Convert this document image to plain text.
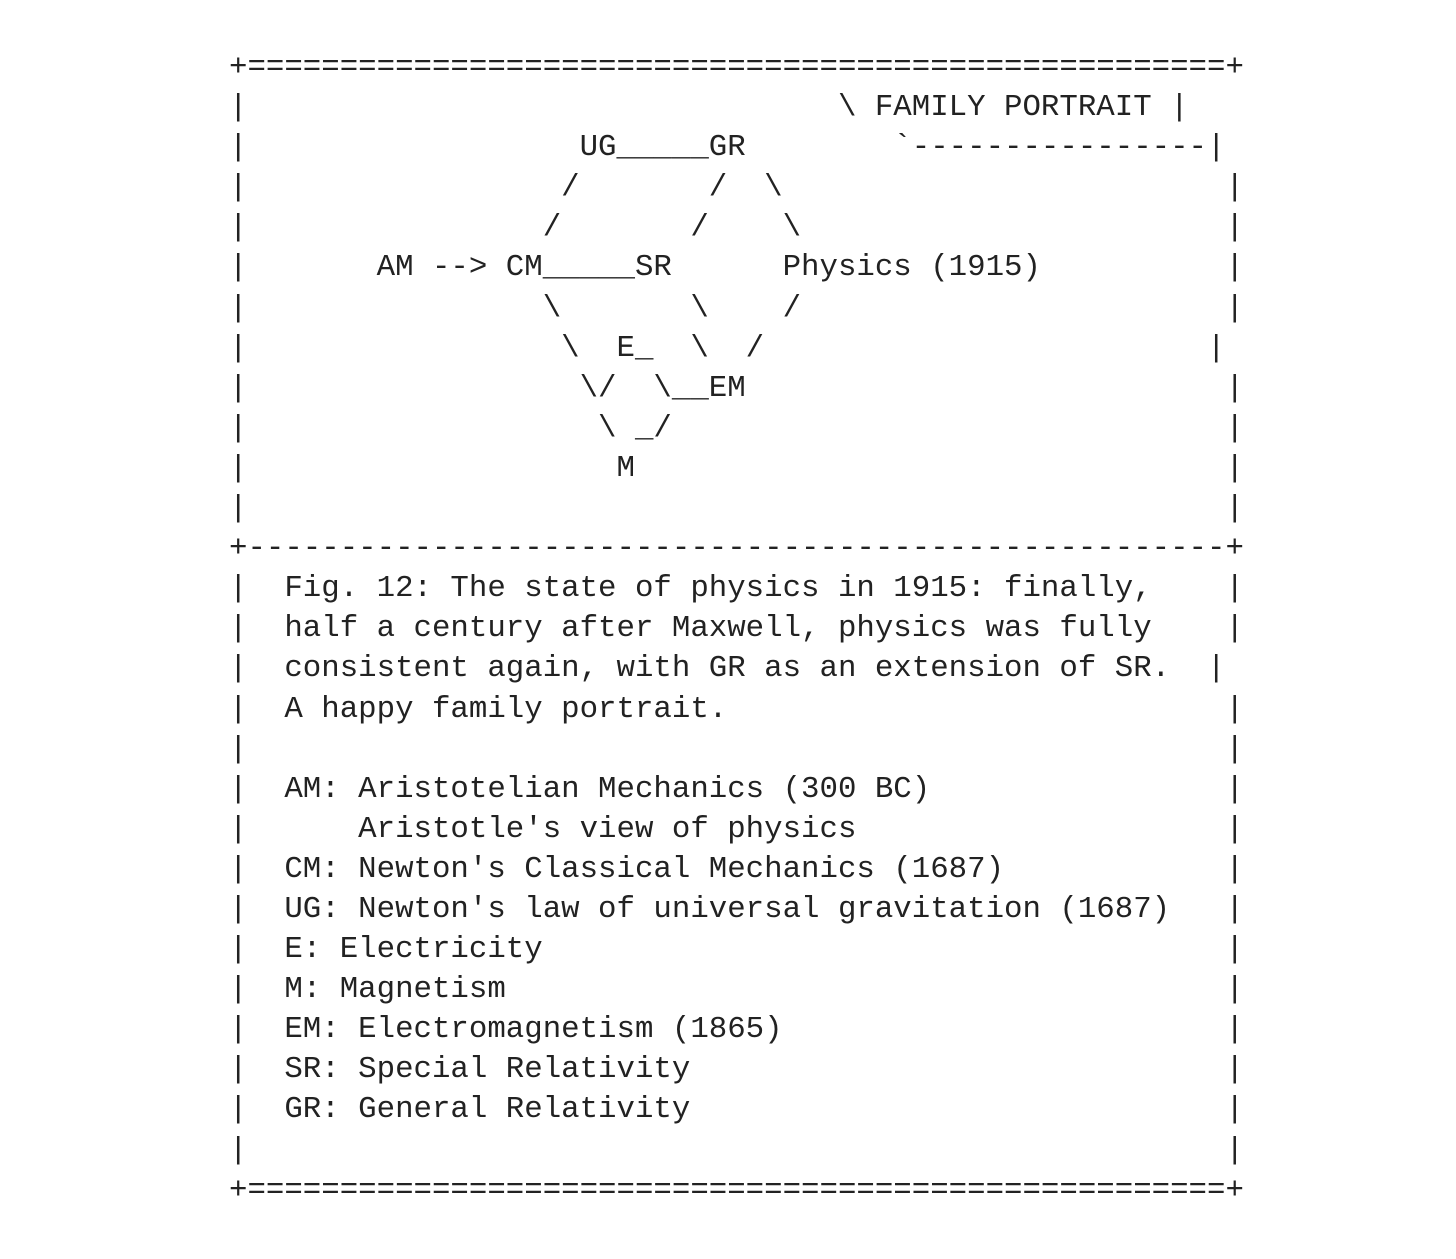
+=====================================================+
|                                \ FAMILY PORTRAIT |
|                  UG_____GR        `----------------|
|                 /       /  \                        |
|                /       /    \                       |
|       AM --> CM_____SR      Physics (1915)          |
|                \       \    /                       |
|                 \  E_  \  /                        |
|                  \/  \__EM                          |
|                   \ _/                              |
|                    M                                |
|                                                     |
+-----------------------------------------------------+
|  Fig. 12: The state of physics in 1915: finally,    |
|  half a century after Maxwell, physics was fully    |
|  consistent again, with GR as an extension of SR.  |
|  A happy family portrait.                           |
|                                                     |
|  AM: Aristotelian Mechanics (300 BC)                |
|      Aristotle's view of physics                    |
|  CM: Newton's Classical Mechanics (1687)            |
|  UG: Newton's law of universal gravitation (1687)   |
|  E: Electricity                                     |
|  M: Magnetism                                       |
|  EM: Electromagnetism (1865)                        |
|  SR: Special Relativity                             |
|  GR: General Relativity                             |
|                                                     |
+=====================================================+
